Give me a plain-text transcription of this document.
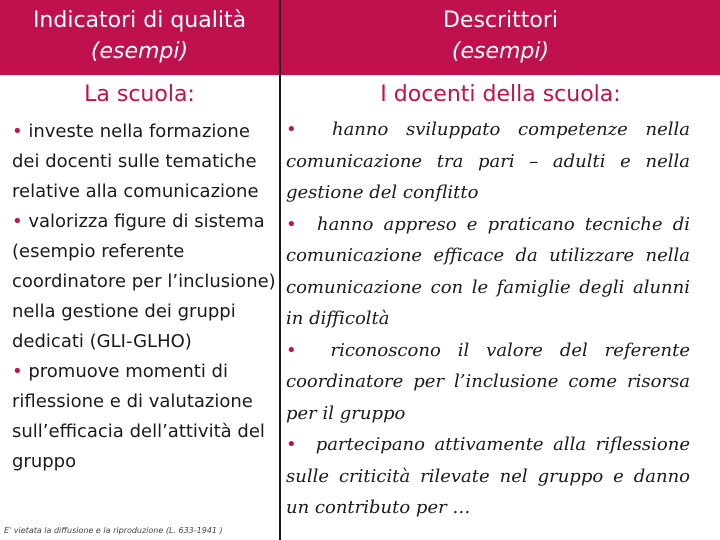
Indicatori di qualità
(esempi)
Descrittori
(esempi)
La scuola:	I docenti della scuola:

• investe nella formazione dei docenti sulle tematiche relative alla comunicazione

• valorizza figure di sistema (esempio referente coordinatore per l’inclusione) nella gestione dei gruppi dedicati (GLI-GLHO)

• promuove momenti di riflessione e di valutazione sull’efficacia dell’attività del gruppo

• hanno sviluppato competenze nella comunicazione tra pari – adulti e nella gestione del conflitto

• hanno appreso e praticano tecniche di comunicazione efficace da utilizzare nella comunicazione con le famiglie degli alunni in difficoltà

• riconoscono il valore del referente coordinatore per l’inclusione come risorsa per il gruppo

• partecipano attivamente alla riflessione sulle criticità rilevate nel gruppo e danno un contributo per …

E' vietata la diffusione e la riproduzione (L. 633-1941 )
